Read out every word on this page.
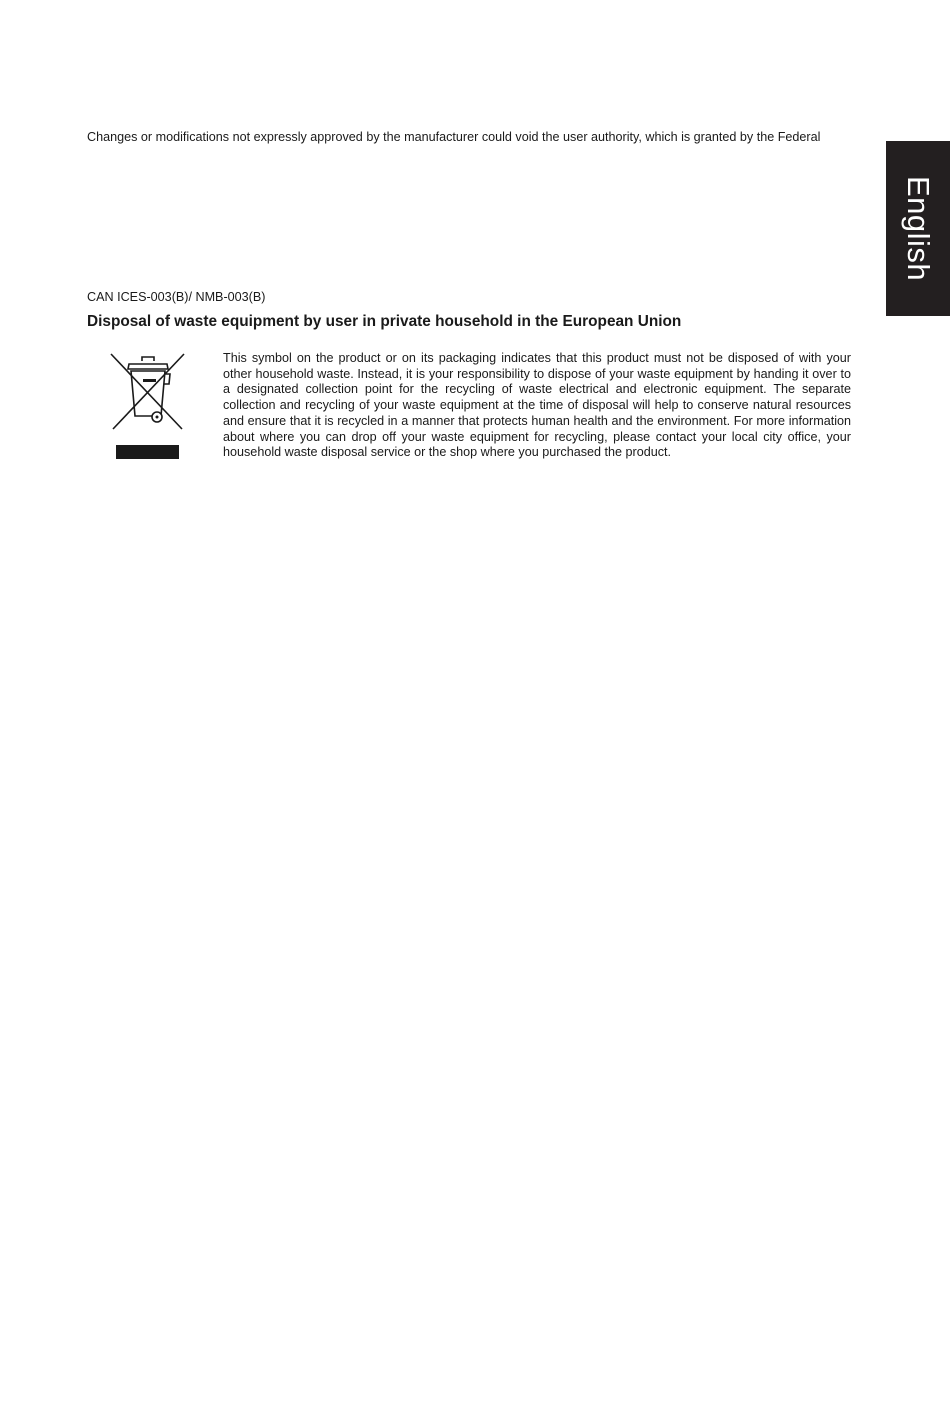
Changes or modifications not expressly approved by the manufacturer could void the user authority, which is granted by the Federal

English

CAN ICES-003(B)/ NMB-003(B)

Disposal of waste equipment by user in private household in the European Union

This symbol on the product or on its packaging indicates that this product must not be disposed of with your other household waste. Instead, it is your responsibility to dispose of your waste equipment by handing it over to a designated collection point for the recycling of waste electrical and electronic equipment. The separate collection and recycling of your waste equipment at the time of disposal will help to conserve natural resources and ensure that it is recycled in a manner that protects human health and the environment. For more information about where you can drop off your waste equipment for recycling, please contact your local city office, your household waste disposal service or the shop where you purchased the product.
